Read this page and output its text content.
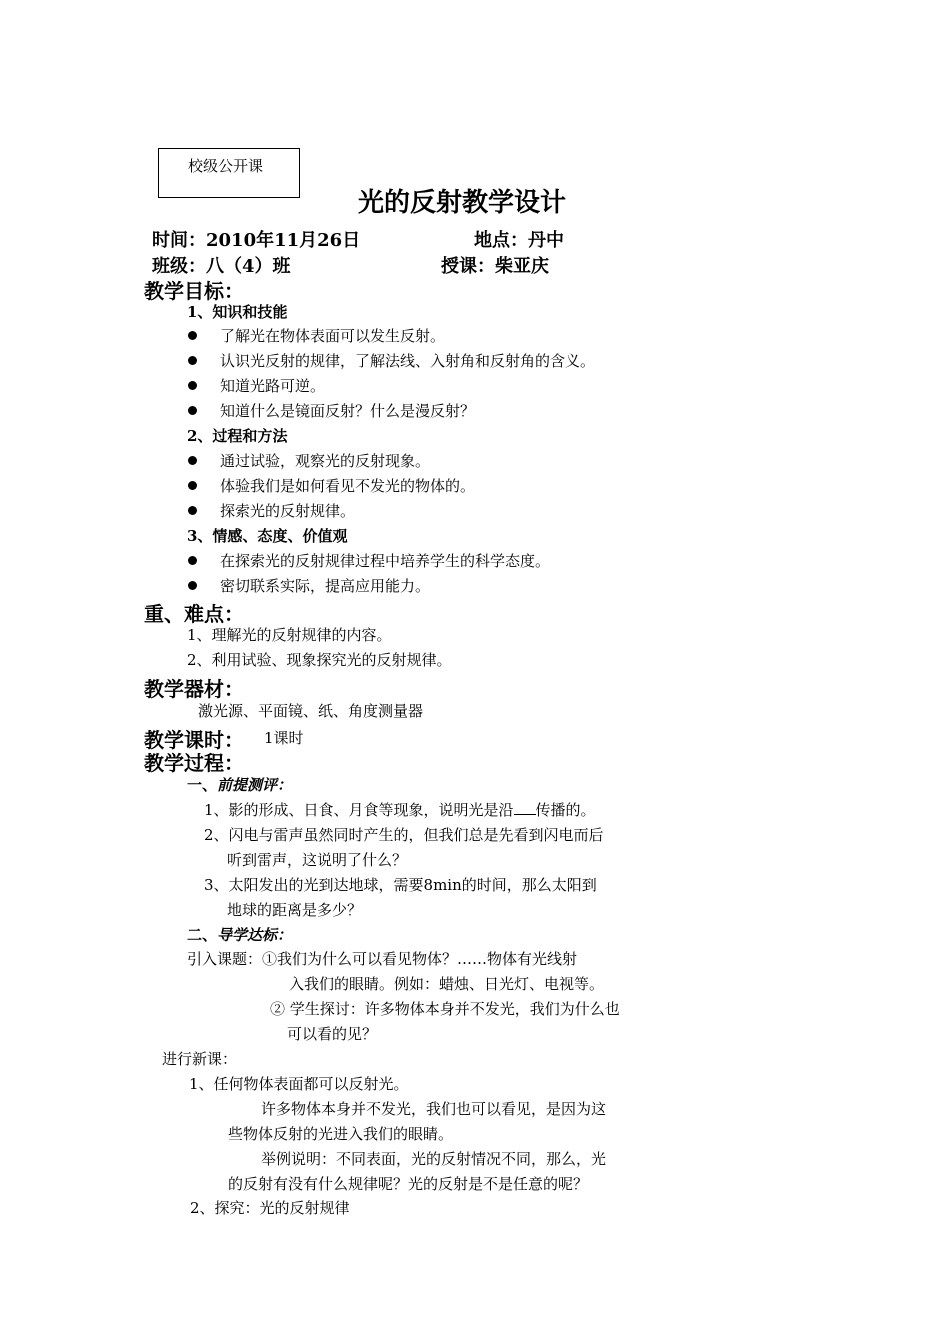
校级公开课
光的反射教学设计
时间：2010年11月26日	地点：丹中
班级：八（4）班	授课：柴亚庆
教学目标：
1、知识和技能
了解光在物体表面可以发生反射。
认识光反射的规律，了解法线、入射角和反射角的含义。
知道光路可逆。
知道什么是镜面反射？什么是漫反射？
2、过程和方法
通过试验，观察光的反射现象。
体验我们是如何看见不发光的物体的。
探索光的反射规律。
3、情感、态度、价值观
在探索光的反射规律过程中培养学生的科学态度。
密切联系实际，提高应用能力。
重、难点：
1、理解光的反射规律的内容。
2、利用试验、现象探究光的反射规律。
教学器材：
激光源、平面镜、纸、角度测量器
教学课时： 1课时
教学过程：
一、前提测评：
1、影的形成、日食、月食等现象，说明光是沿 传播的。
2、闪电与雷声虽然同时产生的，但我们总是先看到闪电而后
听到雷声，这说明了什么？
3、太阳发出的光到达地球，需要8min的时间，那么太阳到
地球的距离是多少？
二、导学达标：
引入课题：①我们为什么可以看见物体？……物体有光线射
入我们的眼睛。例如：蜡烛、日光灯、电视等。
② 学生探讨：许多物体本身并不发光，我们为什么也
可以看的见？
进行新课：
1、任何物体表面都可以反射光。
许多物体本身并不发光，我们也可以看见，是因为这
些物体反射的光进入我们的眼睛。
举例说明：不同表面，光的反射情况不同，那么，光
的反射有没有什么规律呢？光的反射是不是任意的呢？
2、探究：光的反射规律
